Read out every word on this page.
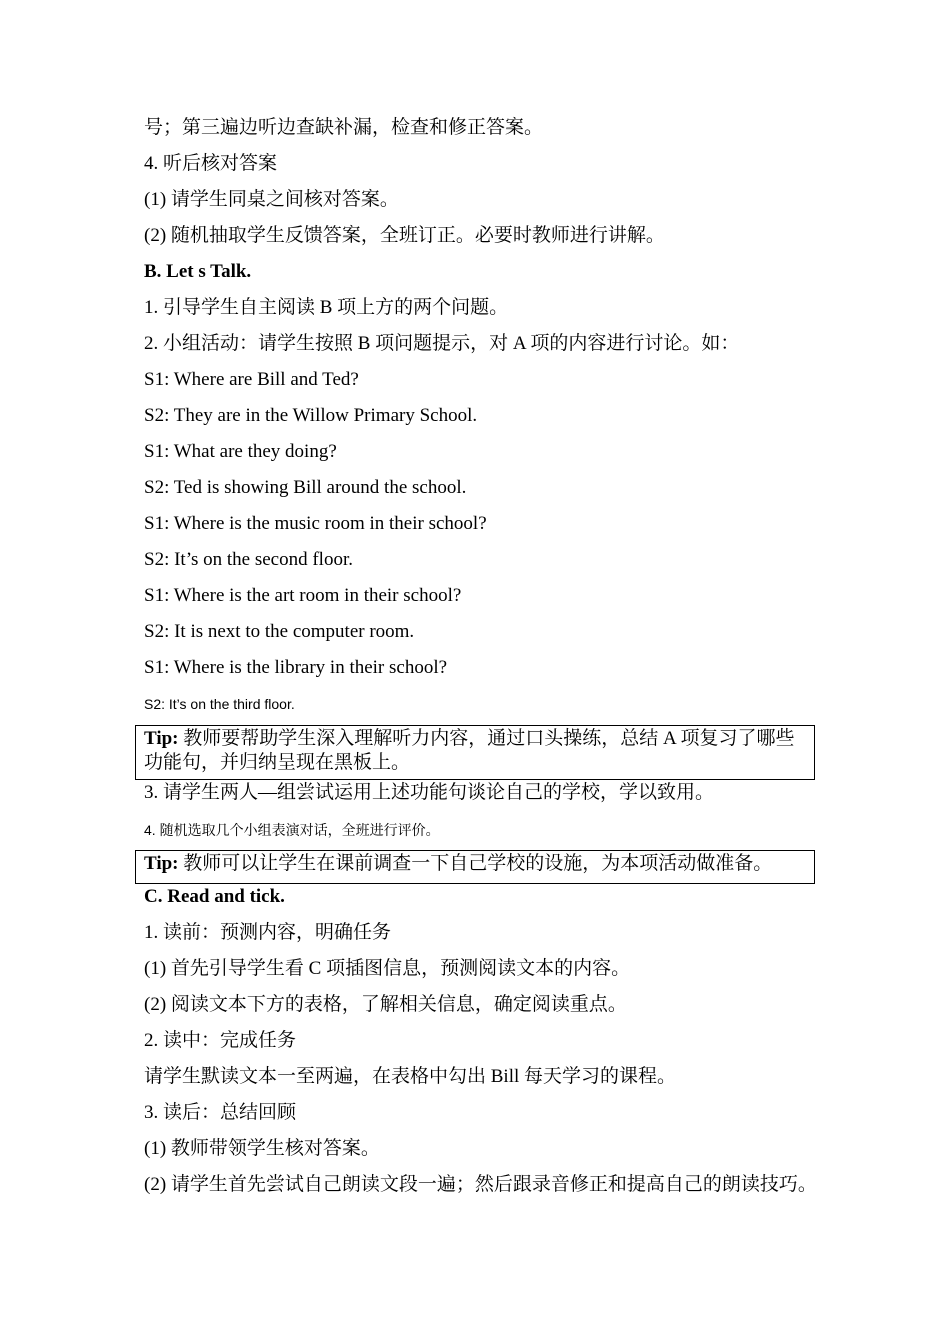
号；第三遍边听边查缺补漏，检查和修正答案。
4. 听后核对答案
(1) 请学生同桌之间核对答案。
(2) 随机抽取学生反馈答案，全班订正。必要时教师进行讲解。
B. Let s Talk.
1. 引导学生自主阅读 B 项上方的两个问题。
2. 小组活动：请学生按照 B 项问题提示，对 A 项的内容进行讨论。如：
S1: Where are Bill and Ted?
S2: They are in the Willow Primary School.
S1: What are they doing?
S2: Ted is showing Bill around the school.
S1: Where is the music room in their school?
S2: It’s on the second floor.
S1: Where is the art room in their school?
S2: It is next to the computer room.
S1: Where is the library in their school?
S2: It’s on the third floor.
Tip: 教师要帮助学生深入理解听力内容，通过口头操练，总结 A 项复习了哪些功能句，并归纳呈现在黑板上。
3. 请学生两人—组尝试运用上述功能句谈论自己的学校，学以致用。
4. 随机选取几个小组表演对话，全班进行评价。
Tip: 教师可以让学生在课前调查一下自己学校的设施，为本项活动做准备。
C. Read and tick.
1. 读前：预测内容，明确任务
(1) 首先引导学生看 C 项插图信息，预测阅读文本的内容。
(2) 阅读文本下方的表格，了解相关信息，确定阅读重点。
2. 读中：完成任务
请学生默读文本一至两遍，在表格中勾出 Bill 每天学习的课程。
3. 读后：总结回顾
(1) 教师带领学生核对答案。
(2) 请学生首先尝试自己朗读文段一遍；然后跟录音修正和提高自己的朗读技巧。
